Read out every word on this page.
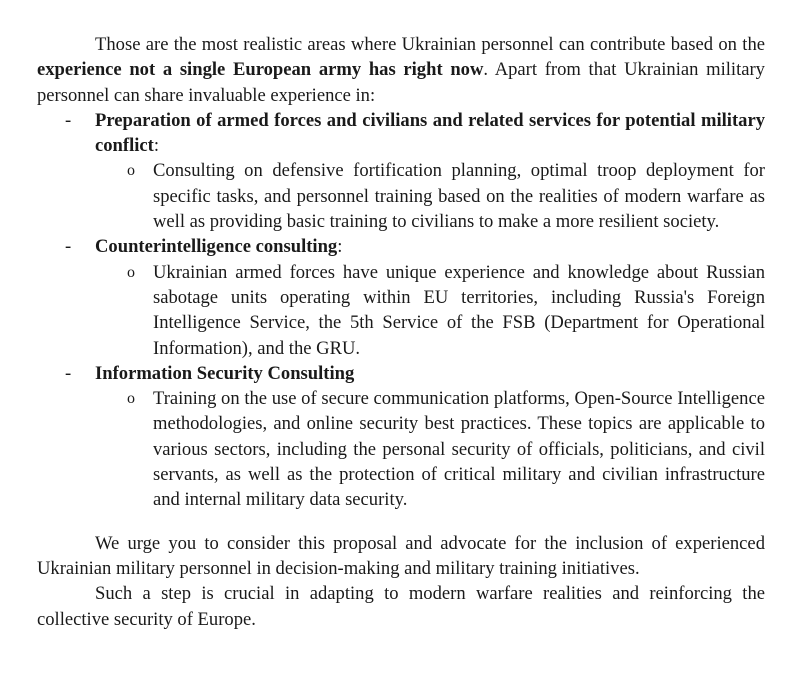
Those are the most realistic areas where Ukrainian personnel can contribute based on the experience not a single European army has right now. Apart from that Ukrainian military personnel can share invaluable experience in:

- Preparation of armed forces and civilians and related services for potential military conflict:
o Consulting on defensive fortification planning, optimal troop deployment for specific tasks, and personnel training based on the realities of modern warfare as well as providing basic training to civilians to make a more resilient society.
- Counterintelligence consulting:
o Ukrainian armed forces have unique experience and knowledge about Russian sabotage units operating within EU territories, including Russia's Foreign Intelligence Service, the 5th Service of the FSB (Department for Operational Information), and the GRU.
- Information Security Consulting
o Training on the use of secure communication platforms, Open-Source Intelligence methodologies, and online security best practices. These topics are applicable to various sectors, including the personal security of officials, politicians, and civil servants, as well as the protection of critical military and civilian infrastructure and internal military data security.

We urge you to consider this proposal and advocate for the inclusion of experienced Ukrainian military personnel in decision-making and military training initiatives.

Such a step is crucial in adapting to modern warfare realities and reinforcing the collective security of Europe.
